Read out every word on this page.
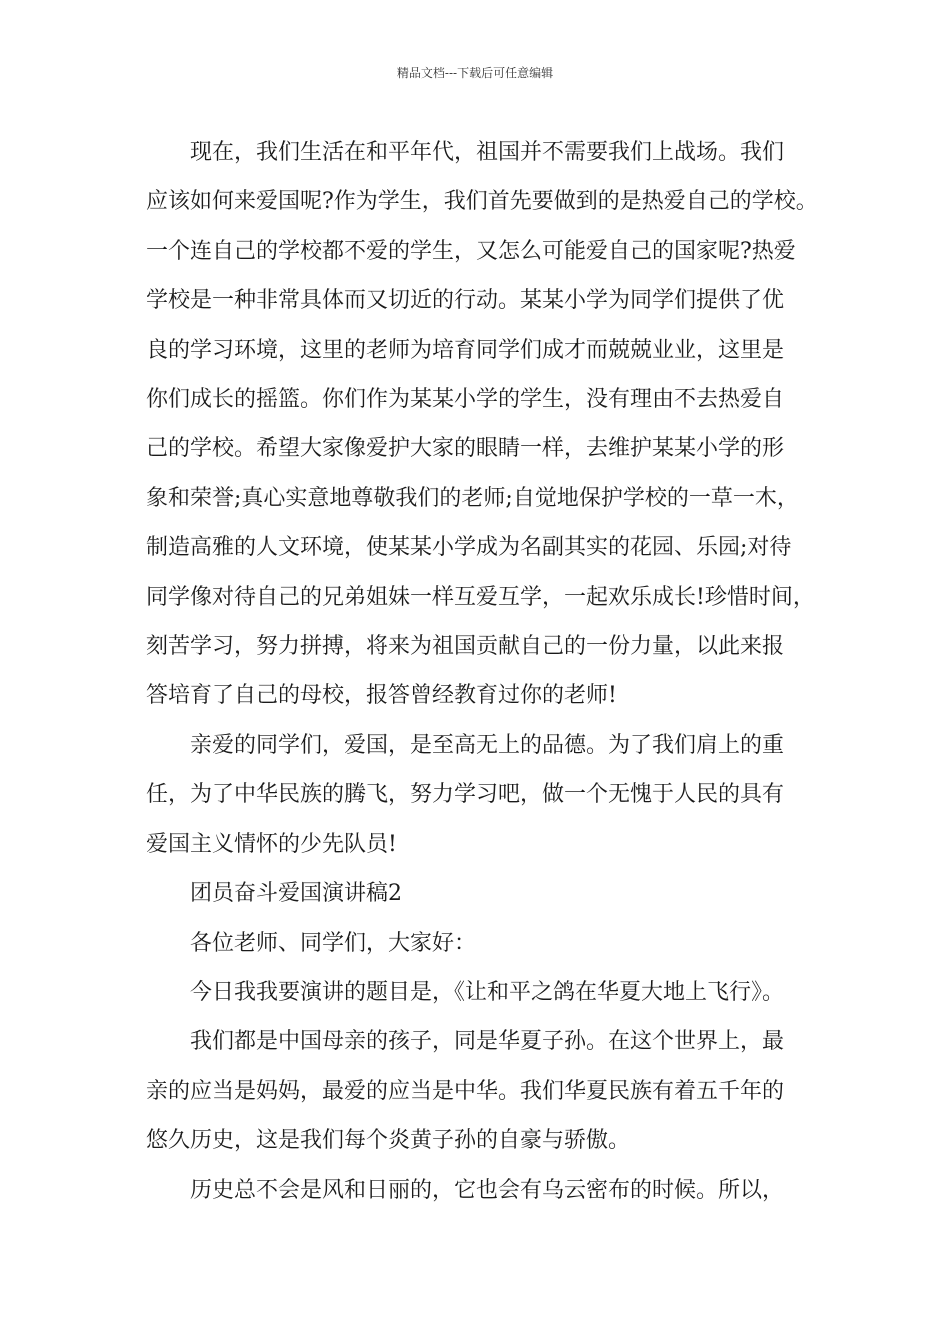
精品文档---下载后可任意编辑

现在，我们生活在和平年代，祖国并不需要我们上战场。我们
应该如何来爱国呢?作为学生，我们首先要做到的是热爱自己的学校。
一个连自己的学校都不爱的学生，又怎么可能爱自己的国家呢?热爱
学校是一种非常具体而又切近的行动。某某小学为同学们提供了优
良的学习环境，这里的老师为培育同学们成才而兢兢业业，这里是
你们成长的摇篮。你们作为某某小学的学生，没有理由不去热爱自
己的学校。希望大家像爱护大家的眼睛一样，去维护某某小学的形
象和荣誉;真心实意地尊敬我们的老师;自觉地保护学校的一草一木，
制造高雅的人文环境，使某某小学成为名副其实的花园、乐园;对待
同学像对待自己的兄弟姐妹一样互爱互学，一起欢乐成长!珍惜时间，
刻苦学习，努力拼搏，将来为祖国贡献自己的一份力量，以此来报
答培育了自己的母校，报答曾经教育过你的老师!

亲爱的同学们，爱国，是至高无上的品德。为了我们肩上的重
任，为了中华民族的腾飞，努力学习吧，做一个无愧于人民的具有
爱国主义情怀的少先队员!

团员奋斗爱国演讲稿2

各位老师、同学们，大家好：

今日我我要演讲的题目是，《让和平之鸽在华夏大地上飞行》。

我们都是中国母亲的孩子，同是华夏子孙。在这个世界上，最
亲的应当是妈妈，最爱的应当是中华。我们华夏民族有着五千年的
悠久历史，这是我们每个炎黄子孙的自豪与骄傲。

历史总不会是风和日丽的，它也会有乌云密布的时候。所以，
